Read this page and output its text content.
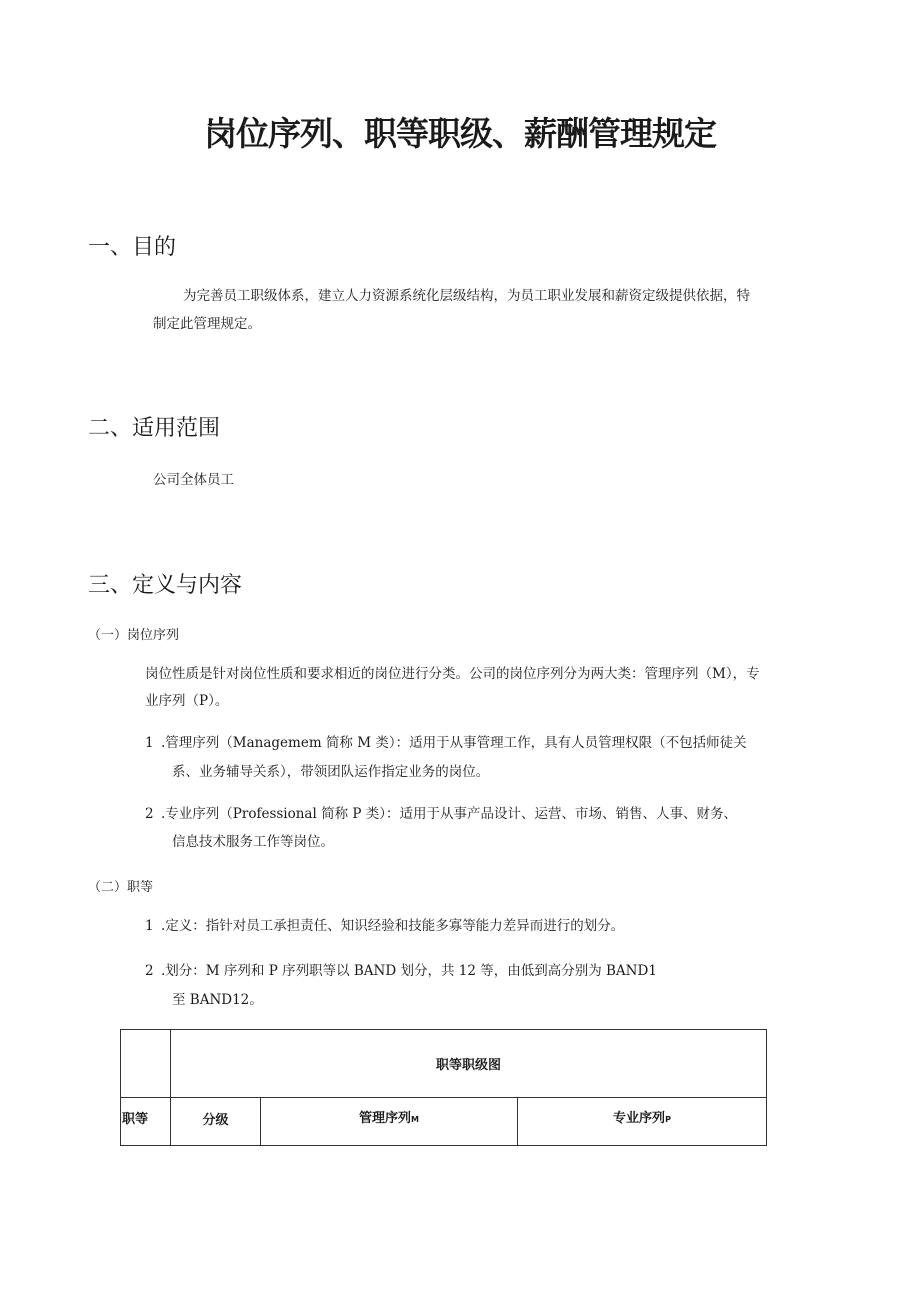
岗位序列、职等职级、薪酬管理规定
一、目的
为完善员工职级体系，建立人力资源系统化层级结构，为员工职业发展和薪资定级提供依据，特
制定此管理规定。
二、适用范围
公司全体员工
三、定义与内容
（一）岗位序列
岗位性质是针对岗位性质和要求相近的岗位进行分类。公司的岗位序列分为两大类：管理序列（M），专
业序列（P）。
1 .管理序列（Managemem 简称 M 类）：适用于从事管理工作，具有人员管理权限（不包括师徒关
系、业务辅导关系），带领团队运作指定业务的岗位。
2 .专业序列（Professional 简称 P 类）：适用于从事产品设计、运营、市场、销售、人事、财务、
信息技术服务工作等岗位。
（二）职等
1 .定义：指针对员工承担责任、知识经验和技能多寡等能力差异而进行的划分。
2 .划分：M 序列和 P 序列职等以 BAND 划分，共 12 等，由低到高分别为 BAND1
至 BAND12。
	职等职级图		
职等	分级	管理序列M	专业序列P
